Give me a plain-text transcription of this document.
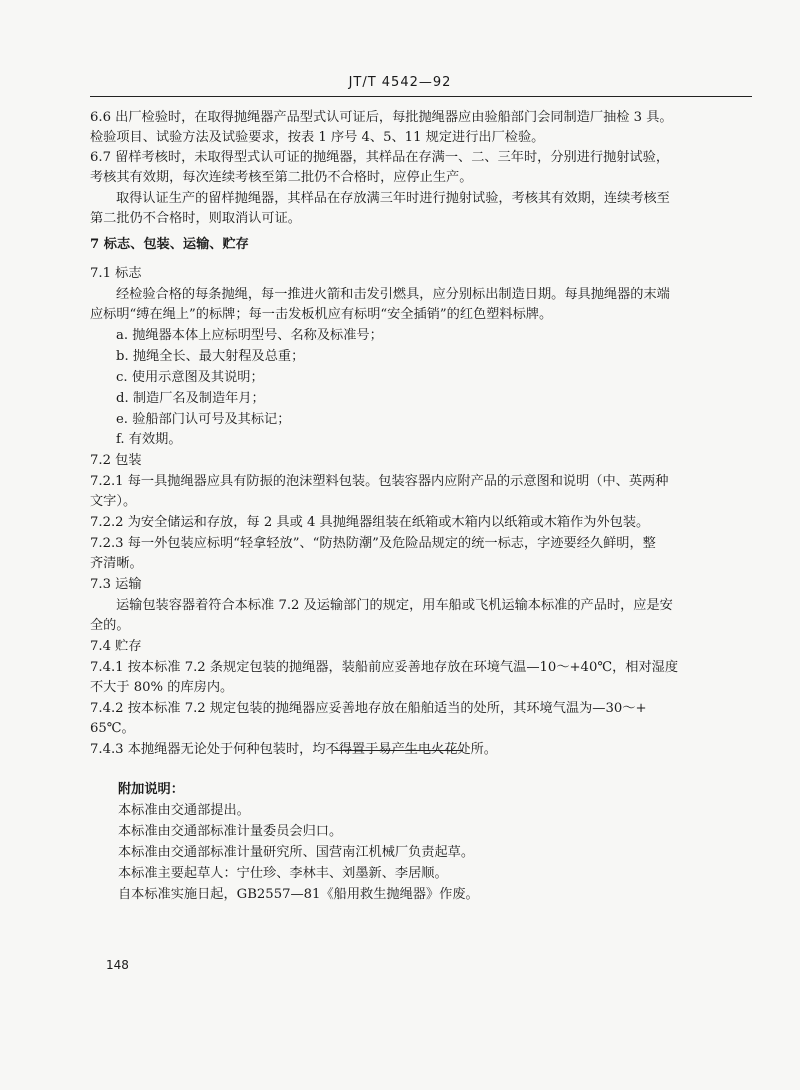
JT/T 4542—92
6.6 出厂检验时，在取得抛绳器产品型式认可证后，每批抛绳器应由验船部门会同制造厂抽检 3 具。
检验项目、试验方法及试验要求，按表 1 序号 4、5、11 规定进行出厂检验。
6.7 留样考核时，未取得型式认可证的抛绳器，其样品在存满一、二、三年时，分别进行抛射试验，
考核其有效期，每次连续考核至第二批仍不合格时，应停止生产。
取得认证生产的留样抛绳器，其样品在存放满三年时进行抛射试验，考核其有效期，连续考核至
第二批仍不合格时，则取消认可证。
7 标志、包装、运输、贮存
7.1 标志
经检验合格的每条抛绳，每一推进火箭和击发引燃具，应分别标出制造日期。每具抛绳器的末端
应标明“缚在绳上”的标牌；每一击发板机应有标明“安全插销”的红色塑料标牌。
a. 抛绳器本体上应标明型号、名称及标准号；
b. 抛绳全长、最大射程及总重；
c. 使用示意图及其说明；
d. 制造厂名及制造年月；
e. 验船部门认可号及其标记；
f. 有效期。
7.2 包装
7.2.1 每一具抛绳器应具有防振的泡沫塑料包装。包装容器内应附产品的示意图和说明（中、英两种
文字）。
7.2.2 为安全储运和存放，每 2 具或 4 具抛绳器组装在纸箱或木箱内以纸箱或木箱作为外包装。
7.2.3 每一外包装应标明“轻拿轻放”、“防热防潮”及危险品规定的统一标志，字迹要经久鲜明，整
齐清晰。
7.3 运输
运输包装容器着符合本标准 7.2 及运输部门的规定，用车船或飞机运输本标准的产品时，应是安
全的。
7.4 贮存
7.4.1 按本标准 7.2 条规定包装的抛绳器，装船前应妥善地存放在环境气温—10～+40℃，相对湿度
不大于 80% 的库房内。
7.4.2 按本标准 7.2 规定包装的抛绳器应妥善地存放在船舶适当的处所，其环境气温为—30～+
65℃。
7.4.3 本抛绳器无论处于何种包装时，均不得置于易产生电火花处所。
附加说明：
本标准由交通部提出。
本标准由交通部标准计量委员会归口。
本标准由交通部标准计量研究所、国营南江机械厂负责起草。
本标准主要起草人：宁仕珍、李林丰、刘墨新、李居顺。
自本标准实施日起，GB2557—81《船用救生抛绳器》作废。
148
